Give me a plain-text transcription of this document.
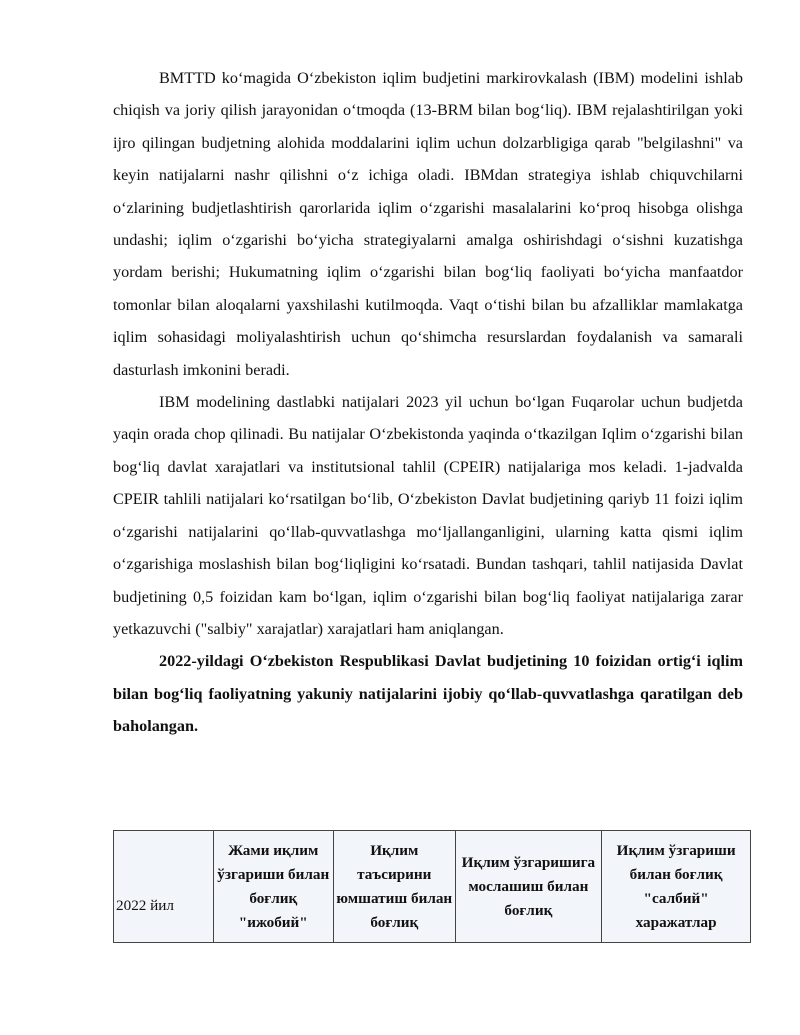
BMTTD koʻmagida Oʻzbekiston iqlim budjetini markirovkalash (IBM) modelini ishlab chiqish va joriy qilish jarayonidan oʻtmoqda (13-BRM bilan bogʻliq). IBM rejalashtirilgan yoki ijro qilingan budjetning alohida moddalarini iqlim uchun dolzarbligiga qarab "belgilashni" va keyin natijalarni nashr qilishni oʻz ichiga oladi. IBMdan strategiya ishlab chiquvchilarni oʻzlarining budjetlashtirish qarorlarida iqlim oʻzgarishi masalalarini koʻproq hisobga olishga undashi; iqlim oʻzgarishi boʻyicha strategiyalarni amalga oshirishdagi oʻsishni kuzatishga yordam berishi; Hukumatning iqlim oʻzgarishi bilan bogʻliq faoliyati boʻyicha manfaatdor tomonlar bilan aloqalarni yaxshilashi kutilmoqda. Vaqt oʻtishi bilan bu afzalliklar mamlakatga iqlim sohasidagi moliyalashtirish uchun qoʻshimcha resurslardan foydalanish va samarali dasturlash imkonini beradi.

IBM modelining dastlabki natijalari 2023 yil uchun boʻlgan Fuqarolar uchun budjetda yaqin orada chop qilinadi. Bu natijalar Oʻzbekistonda yaqinda oʻtkazilgan Iqlim oʻzgarishi bilan bogʻliq davlat xarajatlari va institutsional tahlil (CPEIR) natijalariga mos keladi. 1-jadvalda CPEIR tahlili natijalari koʻrsatilgan boʻlib, Oʻzbekiston Davlat budjetining qariyb 11 foizi iqlim oʻzgarishi natijalarini qoʻllab-quvvatlashga moʻljallanganligini, ularning katta qismi iqlim oʻzgarishiga moslashish bilan bogʻliqligini koʻrsatadi. Bundan tashqari, tahlil natijasida Davlat budjetining 0,5 foizidan kam boʻlgan, iqlim oʻzgarishi bilan bogʻliq faoliyat natijalariga zarar yetkazuvchi ("salbiy" xarajatlar) xarajatlari ham aniqlangan.

2022-yildagi Oʻzbekiston Respublikasi Davlat budjetining 10 foizidan ortigʻi iqlim bilan bogʻliq faoliyatning yakuniy natijalarini ijobiy qoʻllab-quvvatlashga qaratilgan deb baholangan.

2022 йил	Жами иқлим ўзгариши билан боғлиқ "ижобий"	Иқлим таъсирини юмшатиш билан боғлиқ	Иқлим ўзгаришига мослашиш билан боғлиқ	Иқлим ўзгариши билан боғлиқ "салбий" харажатлар
